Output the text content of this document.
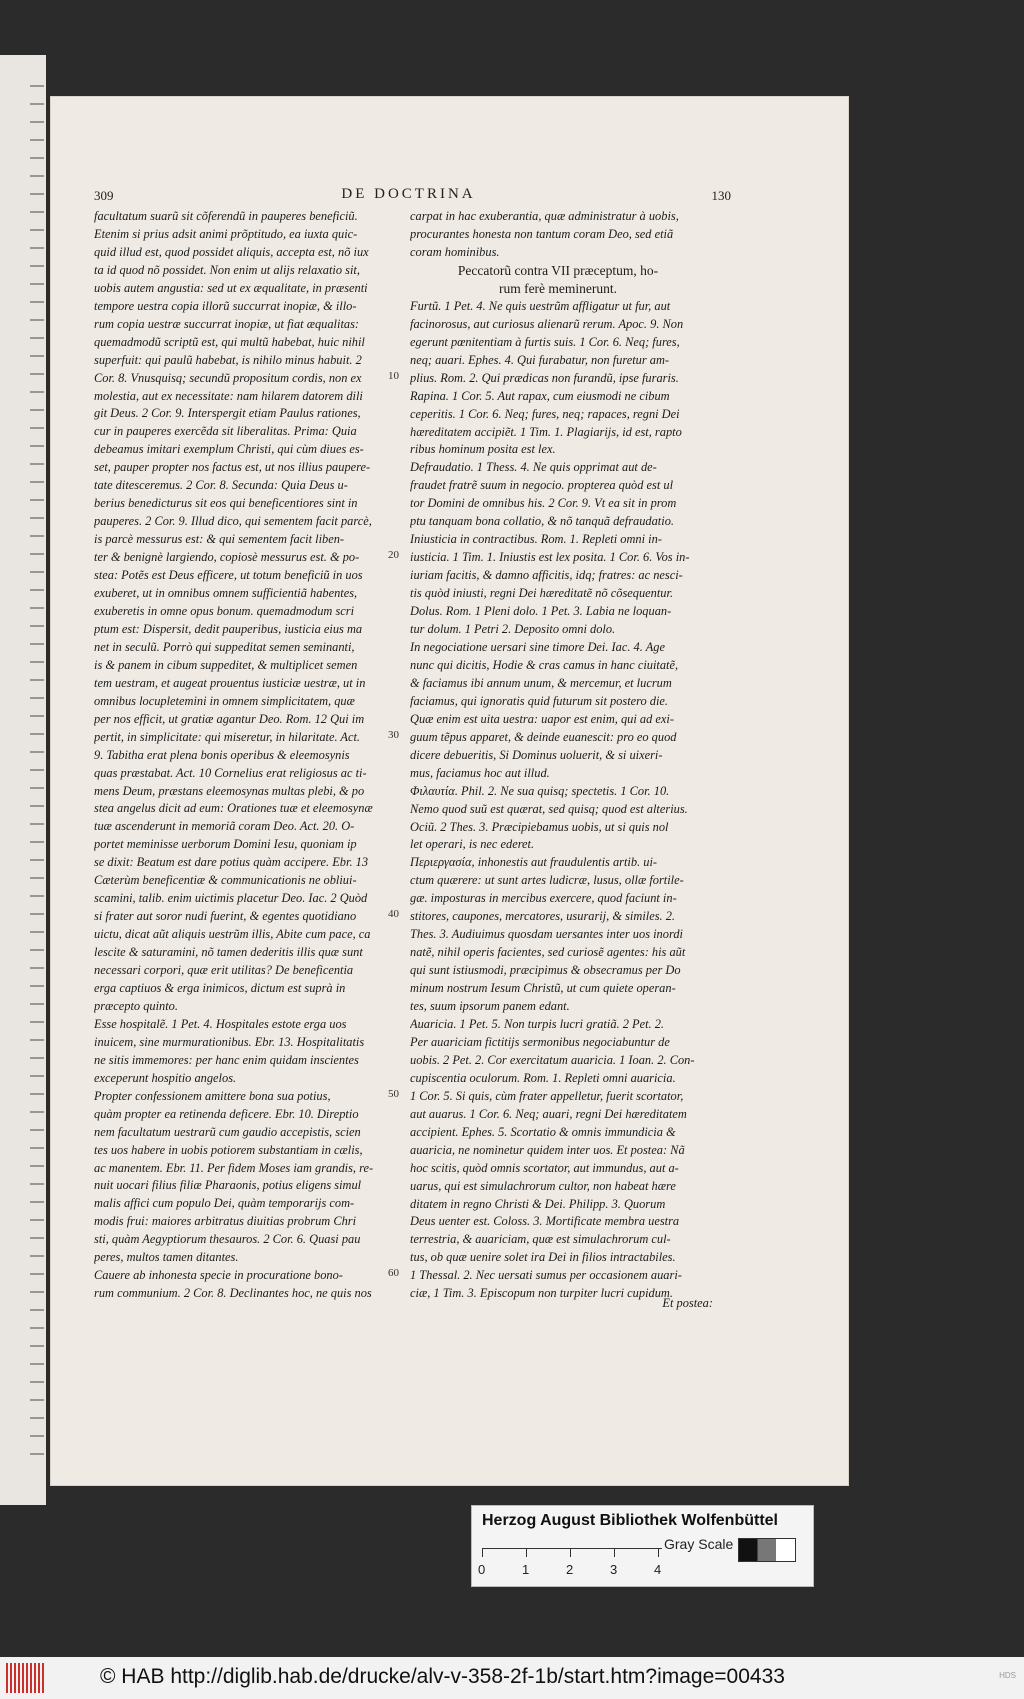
309	DE DOCTRINA	130
facultatum suarũ sit cõferendũ in pauperes beneficiũ.
Etenim si prius adsit animi prõptitudo, ea iuxta quic-
quid illud est, quod possidet aliquis, accepta est, nõ iux
ta id quod nõ possidet. Non enim ut alijs relaxatio sit,
uobis autem angustia: sed ut ex æqualitate, in præsenti
tempore uestra copia illorũ succurrat inopiæ, & illo-
rum copia uestræ succurrat inopiæ, ut fiat æqualitas:
quemadmodũ scriptũ est, qui multũ habebat, huic nihil
superfuit: qui paulũ habebat, is nihilo minus habuit. 2
Cor. 8. Vnusquisq; secundũ propositum cordis, non ex
molestia, aut ex necessitate: nam hilarem datorem dili
git Deus. 2 Cor. 9. Interspergit etiam Paulus rationes,
cur in pauperes exercẽda sit liberalitas. Prima: Quia
debeamus imitari exemplum Christi, qui cùm diues es-
set, pauper propter nos factus est, ut nos illius paupere-
tate ditesceremus. 2 Cor. 8. Secunda: Quia Deus u-
berius benedicturus sit eos qui beneficentiores sint in
pauperes. 2 Cor. 9. Illud dico, qui sementem facit parcè,
is parcè messurus est: & qui sementem facit liben-
ter & benignè largiendo, copiosè messurus est. & po-
stea: Potẽs est Deus efficere, ut totum beneficiũ in uos
exuberet, ut in omnibus omnem sufficientiã habentes,
exuberetis in omne opus bonum. quemadmodum scri
ptum est: Dispersit, dedit pauperibus, iusticia eius ma
net in seculũ. Porrò qui suppeditat semen seminanti,
is & panem in cibum suppeditet, & multiplicet semen
tem uestram, et augeat prouentus iusticiæ uestræ, ut in
omnibus locupletemini in omnem simplicitatem, quæ
per nos efficit, ut gratiæ agantur Deo. Rom. 12 Qui im
pertit, in simplicitate: qui miseretur, in hilaritate. Act.
9. Tabitha erat plena bonis operibus & eleemosynis
quas præstabat. Act. 10 Cornelius erat religiosus ac ti-
mens Deum, præstans eleemosynas multas plebi, & po
stea angelus dicit ad eum: Orationes tuæ et eleemosynæ
tuæ ascenderunt in memoriã coram Deo. Act. 20. O-
portet meminisse uerborum Domini Iesu, quoniam ip
se dixit: Beatum est dare potius quàm accipere. Ebr. 13
Cæterùm beneficentiæ & communicationis ne obliui-
scamini, talib. enim uictimis placetur Deo. Iac. 2 Quòd
si frater aut soror nudi fuerint, & egentes quotidiano
uictu, dicat aũt aliquis uestrũm illis, Abite cum pace, ca
lescite & saturamini, nõ tamen dederitis illis quæ sunt
necessari corpori, quæ erit utilitas? De beneficentia
erga captiuos & erga inimicos, dictum est suprà in
præcepto quinto.
Esse hospitalẽ. 1 Pet. 4. Hospitales estote erga uos
inuicem, sine murmurationibus. Ebr. 13. Hospitalitatis
ne sitis immemores: per hanc enim quidam inscientes
exceperunt hospitio angelos.
Propter confessionem amittere bona sua potius,
quàm propter ea retinenda deficere. Ebr. 10. Direptio
nem facultatum uestrarũ cum gaudio accepistis, scien
tes uos habere in uobis potiorem substantiam in cælis,
ac manentem. Ebr. 11. Per fidem Moses iam grandis, re-
nuit uocari filius filiæ Pharaonis, potius eligens simul
malis affici cum populo Dei, quàm temporarijs com-
modis frui: maiores arbitratus diuitias probrum Chri
sti, quàm Aegyptiorum thesauros. 2 Cor. 6. Quasi pau
peres, multos tamen ditantes.
Cauere ab inhonesta specie in procuratione bono-
rum communium. 2 Cor. 8. Declinantes hoc, ne quis nos
10
20
30
40
50
60
carpat in hac exuberantia, quæ administratur à uobis,
procurantes honesta non tantum coram Deo, sed etiã
coram hominibus.
Peccatorũ contra VII præceptum, ho-
rum ferè meminerunt.
Furtũ. 1 Pet. 4. Ne quis uestrũm affligatur ut fur, aut
facinorosus, aut curiosus alienarũ rerum. Apoc. 9. Non
egerunt pœnitentiam à furtis suis. 1 Cor. 6. Neq; fures,
neq; auari. Ephes. 4. Qui furabatur, non furetur am-
plius. Rom. 2. Qui prædicas non furandũ, ipse furaris.
Rapina. 1 Cor. 5. Aut rapax, cum eiusmodi ne cibum
ceperitis. 1 Cor. 6. Neq; fures, neq; rapaces, regni Dei
hæreditatem accipiẽt. 1 Tim. 1. Plagiarijs, id est, rapto
ribus hominum posita est lex.
Defraudatio. 1 Thess. 4. Ne quis opprimat aut de-
fraudet fratrẽ suum in negocio. propterea quòd est ul
tor Domini de omnibus his. 2 Cor. 9. Vt ea sit in prom
ptu tanquam bona collatio, & nõ tanquã defraudatio.
Iniusticia in contractibus. Rom. 1. Repleti omni in-
iusticia. 1 Tim. 1. Iniustis est lex posita. 1 Cor. 6. Vos in-
iuriam facitis, & damno afficitis, idq; fratres: ac nesci-
tis quòd iniusti, regni Dei hæreditatẽ nõ cõsequentur.
Dolus. Rom. 1 Pleni dolo. 1 Pet. 3. Labia ne loquan-
tur dolum. 1 Petri 2. Deposito omni dolo.
In negociatione uersari sine timore Dei. Iac. 4. Age
nunc qui dicitis, Hodie & cras camus in hanc ciuitatẽ,
& faciamus ibi annum unum, & mercemur, et lucrum
faciamus, qui ignoratis quid futurum sit postero die.
Quæ enim est uita uestra: uapor est enim, qui ad exi-
guum tẽpus apparet, & deinde euanescit: pro eo quod
dicere debueritis, Si Dominus uoluerit, & si uixeri-
mus, faciamus hoc aut illud.
Φιλαυτία. Phil. 2. Ne sua quisq; spectetis. 1 Cor. 10.
Nemo quod suũ est quærat, sed quisq; quod est alterius.
Ociũ. 2 Thes. 3. Præcipiebamus uobis, ut si quis nol
let operari, is nec ederet.
Περιεργασία, inhonestis aut fraudulentis artib. ui-
ctum quærere: ut sunt artes ludicræ, lusus, ollæ fortile-
gæ. imposturas in mercibus exercere, quod faciunt in-
stitores, caupones, mercatores, usurarij, & similes. 2.
Thes. 3. Audiuimus quosdam uersantes inter uos inordi
natẽ, nihil operis facientes, sed curiosẽ agentes: his aũt
qui sunt istiusmodi, præcipimus & obsecramus per Do
minum nostrum Iesum Christũ, ut cum quiete operan-
tes, suum ipsorum panem edant.
Auaricia. 1 Pet. 5. Non turpis lucri gratiã. 2 Pet. 2.
Per auariciam fictitijs sermonibus negociabuntur de
uobis. 2 Pet. 2. Cor exercitatum auaricia. 1 Ioan. 2. Con-
cupiscentia oculorum. Rom. 1. Repleti omni auaricia.
1 Cor. 5. Si quis, cùm frater appelletur, fuerit scortator,
aut auarus. 1 Cor. 6. Neq; auari, regni Dei hæreditatem
accipient. Ephes. 5. Scortatio & omnis immundicia &
auaricia, ne nominetur quidem inter uos. Et postea: Nã
hoc scitis, quòd omnis scortator, aut immundus, aut a-
uarus, qui est simulachrorum cultor, non habeat hære
ditatem in regno Christi & Dei. Philipp. 3. Quorum
Deus uenter est. Coloss. 3. Mortificate membra uestra
terrestria, & auariciam, quæ est simulachrorum cul-
tus, ob quæ uenire solet ira Dei in filios intractabiles.
1 Thessal. 2. Nec uersati sumus per occasionem auari-
ciæ, 1 Tim. 3. Episcopum non turpiter lucri cupidum.
Et postea:
Herzog August Bibliothek Wolfenbüttel
0	1	2	3	4
Gray Scale
© HAB http://diglib.hab.de/drucke/alv-v-358-2f-1b/start.htm?image=00433	HDS
